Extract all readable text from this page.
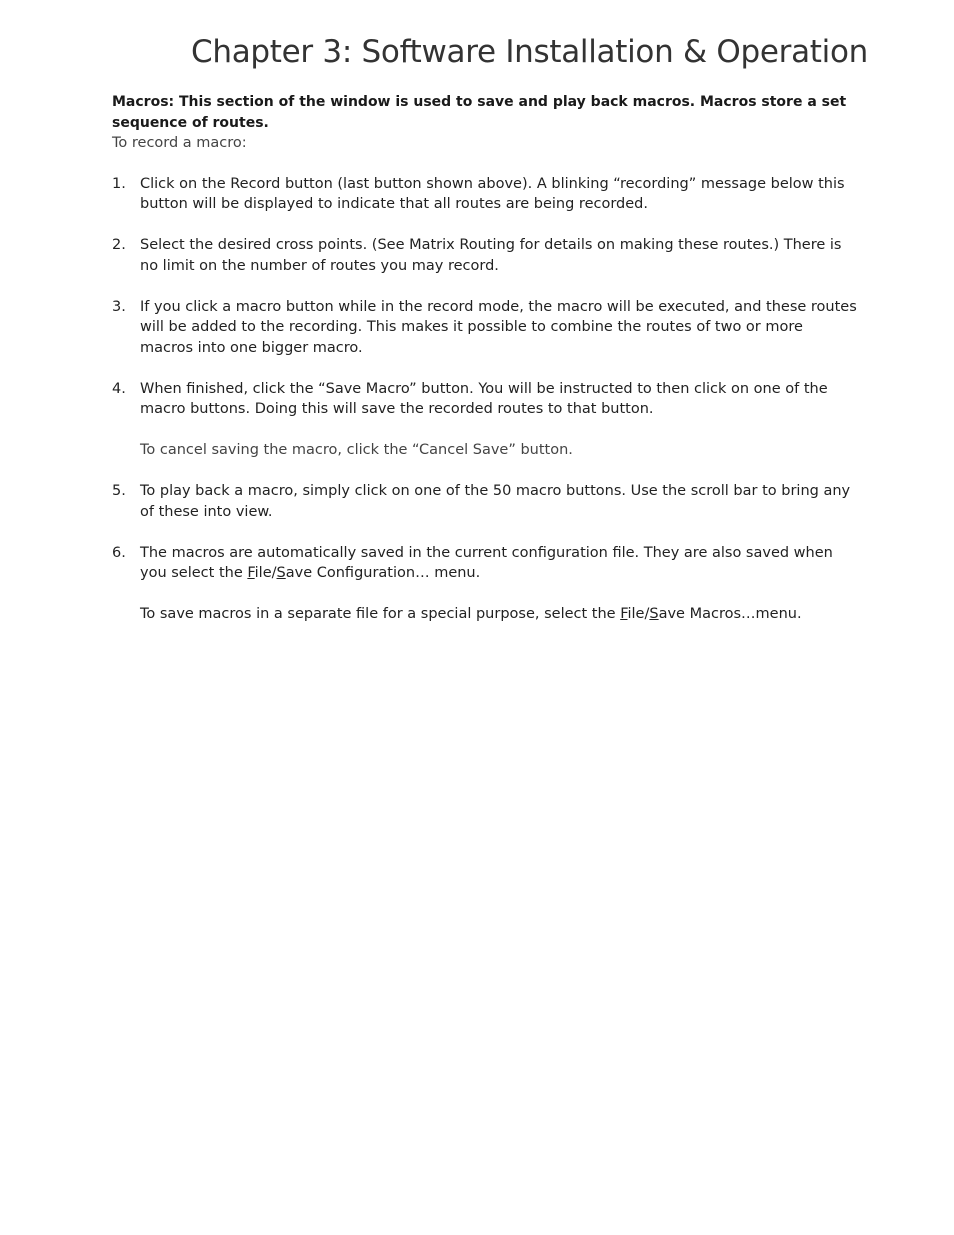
Chapter 3: Software Installation & Operation

Macros: This section of the window is used to save and play back macros. Macros store a set sequence of routes.

To record a macro:

1. Click on the Record button (last button shown above). A blinking “recording” message below this button will be displayed to indicate that all routes are being recorded.

2. Select the desired cross points. (See Matrix Routing for details on making these routes.) There is no limit on the number of routes you may record.

3. If you click a macro button while in the record mode, the macro will be executed, and these routes will be added to the recording. This makes it possible to combine the routes of two or more macros into one bigger macro.

4. When finished, click the “Save Macro” button. You will be instructed to then click on one of the macro buttons. Doing this will save the recorded routes to that button.

To cancel saving the macro, click the “Cancel Save” button.

5. To play back a macro, simply click on one of the 50 macro buttons. Use the scroll bar to bring any of these into view.

6. The macros are automatically saved in the current configuration file. They are also saved when you select the File/Save Configuration… menu.

To save macros in a separate file for a special purpose, select the File/Save Macros…menu.
